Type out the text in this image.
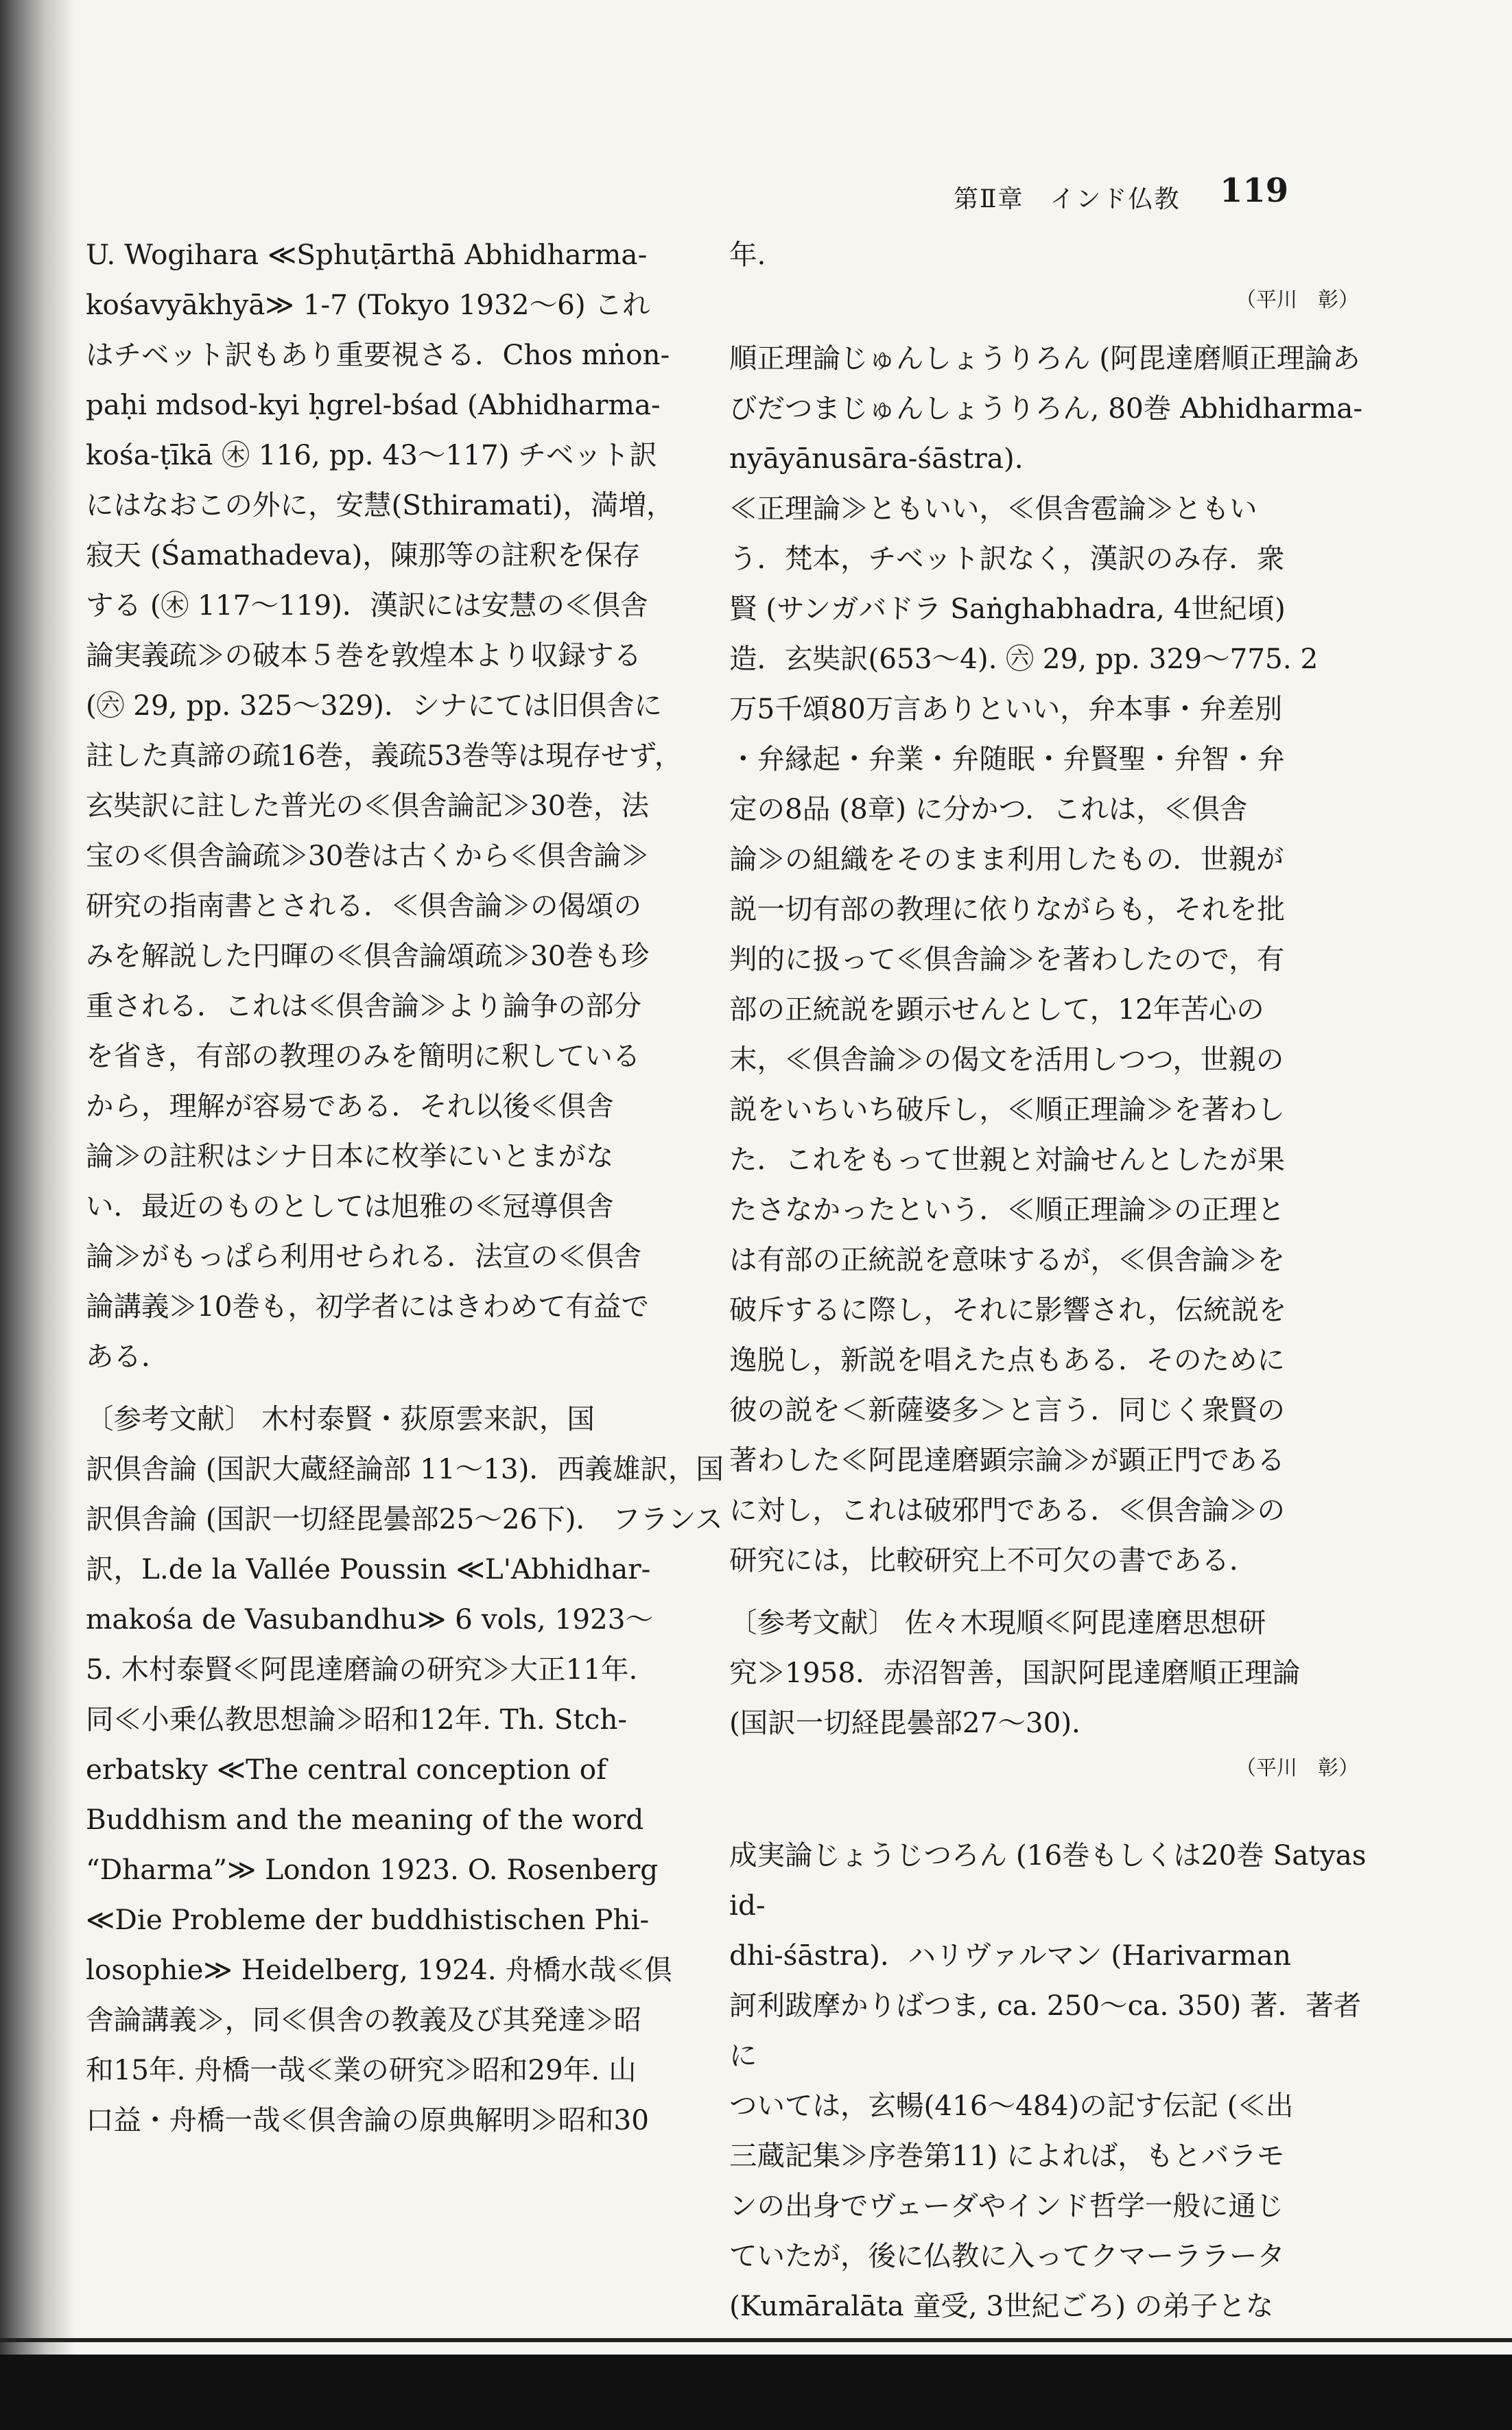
第Ⅱ章　インド仏教 119

U. Wogihara ≪Sphuṭārthā Abhidharma-

kośavyākhyā≫ 1-7 (Tokyo 1932～6) これ

はチベット訳もあり重要視さる．Chos mṅon-

paḥi mdsod-kyi ḥgrel-bśad (Abhidharma-

kośa-ṭīkā ㊍ 116, pp. 43～117) チベット訳

にはなおこの外に，安慧(Sthiramati)，満増，

寂天 (Śamathadeva)，陳那等の註釈を保存

する (㊍ 117～119)．漢訳には安慧の≪倶舎

論実義疏≫の破本５巻を敦煌本より収録する

(㊅ 29, pp. 325～329)．シナにては旧倶舎に

註した真諦の疏16巻，義疏53巻等は現存せず，

玄奘訳に註した普光の≪倶舎論記≫30巻，法

宝の≪倶舎論疏≫30巻は古くから≪倶舎論≫

研究の指南書とされる．≪倶舎論≫の偈頌の

みを解説した円暉の≪倶舎論頌疏≫30巻も珍

重される．これは≪倶舎論≫より論争の部分

を省き，有部の教理のみを簡明に釈している

から，理解が容易である．それ以後≪倶舎

論≫の註釈はシナ日本に枚挙にいとまがな

い．最近のものとしては旭雅の≪冠導倶舎

論≫がもっぱら利用せられる．法宣の≪倶舎

論講義≫10巻も，初学者にはきわめて有益で

ある．

〔参考文献〕 木村泰賢・荻原雲来訳，国

訳倶舎論 (国訳大蔵経論部 11～13)．西義雄訳，国

訳倶舎論 (国訳一切経毘曇部25～26下)． フランス

訳，L.de la Vallée Poussin ≪L'Abhidhar-

makośa de Vasubandhu≫ 6 vols, 1923～

5. 木村泰賢≪阿毘達磨論の研究≫大正11年.

同≪小乗仏教思想論≫昭和12年. Th. Stch-

erbatsky ≪The central conception of

Buddhism and the meaning of the word

“Dharma”≫ London 1923. O. Rosenberg

≪Die Probleme der buddhistischen Phi-

losophie≫ Heidelberg, 1924. 舟橋水哉≪倶

舎論講義≫，同≪倶舎の教義及び其発達≫昭

和15年. 舟橋一哉≪業の研究≫昭和29年. 山

口益・舟橋一哉≪倶舎論の原典解明≫昭和30

年.

（平川　彰）

順正理論じゅんしょうりろん (阿毘達磨順正理論あびだつまじゅんしょうりろん, 80巻 Abhidharma-nyāyānusāra-śāstra).

≪正理論≫ともいい，≪倶舎雹論≫ともい

う．梵本，チベット訳なく，漢訳のみ存．衆

賢 (サンガバドラ Saṅghabhadra, 4世紀頃)

造．玄奘訳(653～4). ㊅ 29, pp. 329～775. 2

万5千頌80万言ありといい，弁本事・弁差別

・弁縁起・弁業・弁随眠・弁賢聖・弁智・弁

定の8品 (8章) に分かつ．これは，≪倶舎

論≫の組織をそのまま利用したもの．世親が

説一切有部の教理に依りながらも，それを批

判的に扱って≪倶舎論≫を著わしたので，有

部の正統説を顕示せんとして，12年苦心の

末，≪倶舎論≫の偈文を活用しつつ，世親の

説をいちいち破斥し，≪順正理論≫を著わし

た．これをもって世親と対論せんとしたが果

たさなかったという．≪順正理論≫の正理と

は有部の正統説を意味するが，≪倶舎論≫を

破斥するに際し，それに影響され，伝統説を

逸脱し，新説を唱えた点もある．そのために

彼の説を＜新薩婆多＞と言う．同じく衆賢の

著わした≪阿毘達磨顕宗論≫が顕正門である

に対し，これは破邪門である．≪倶舎論≫の

研究には，比較研究上不可欠の書である．

〔参考文献〕 佐々木現順≪阿毘達磨思想研

究≫1958．赤沼智善，国訳阿毘達磨順正理論

(国訳一切経毘曇部27～30)．

（平川　彰）

成実論じょうじつろん (16巻もしくは20巻 Satyasid-

dhi-śāstra)．ハリヴァルマン (Harivarman

訶利跋摩かりばつま, ca. 250～ca. 350) 著．著者に

ついては，玄暢(416～484)の記す伝記 (≪出

三蔵記集≫序巻第11) によれば，もとバラモ

ンの出身でヴェーダやインド哲学一般に通じ

ていたが，後に仏教に入ってクマーララータ

(Kumāralāta 童受, 3世紀ごろ) の弟子とな
